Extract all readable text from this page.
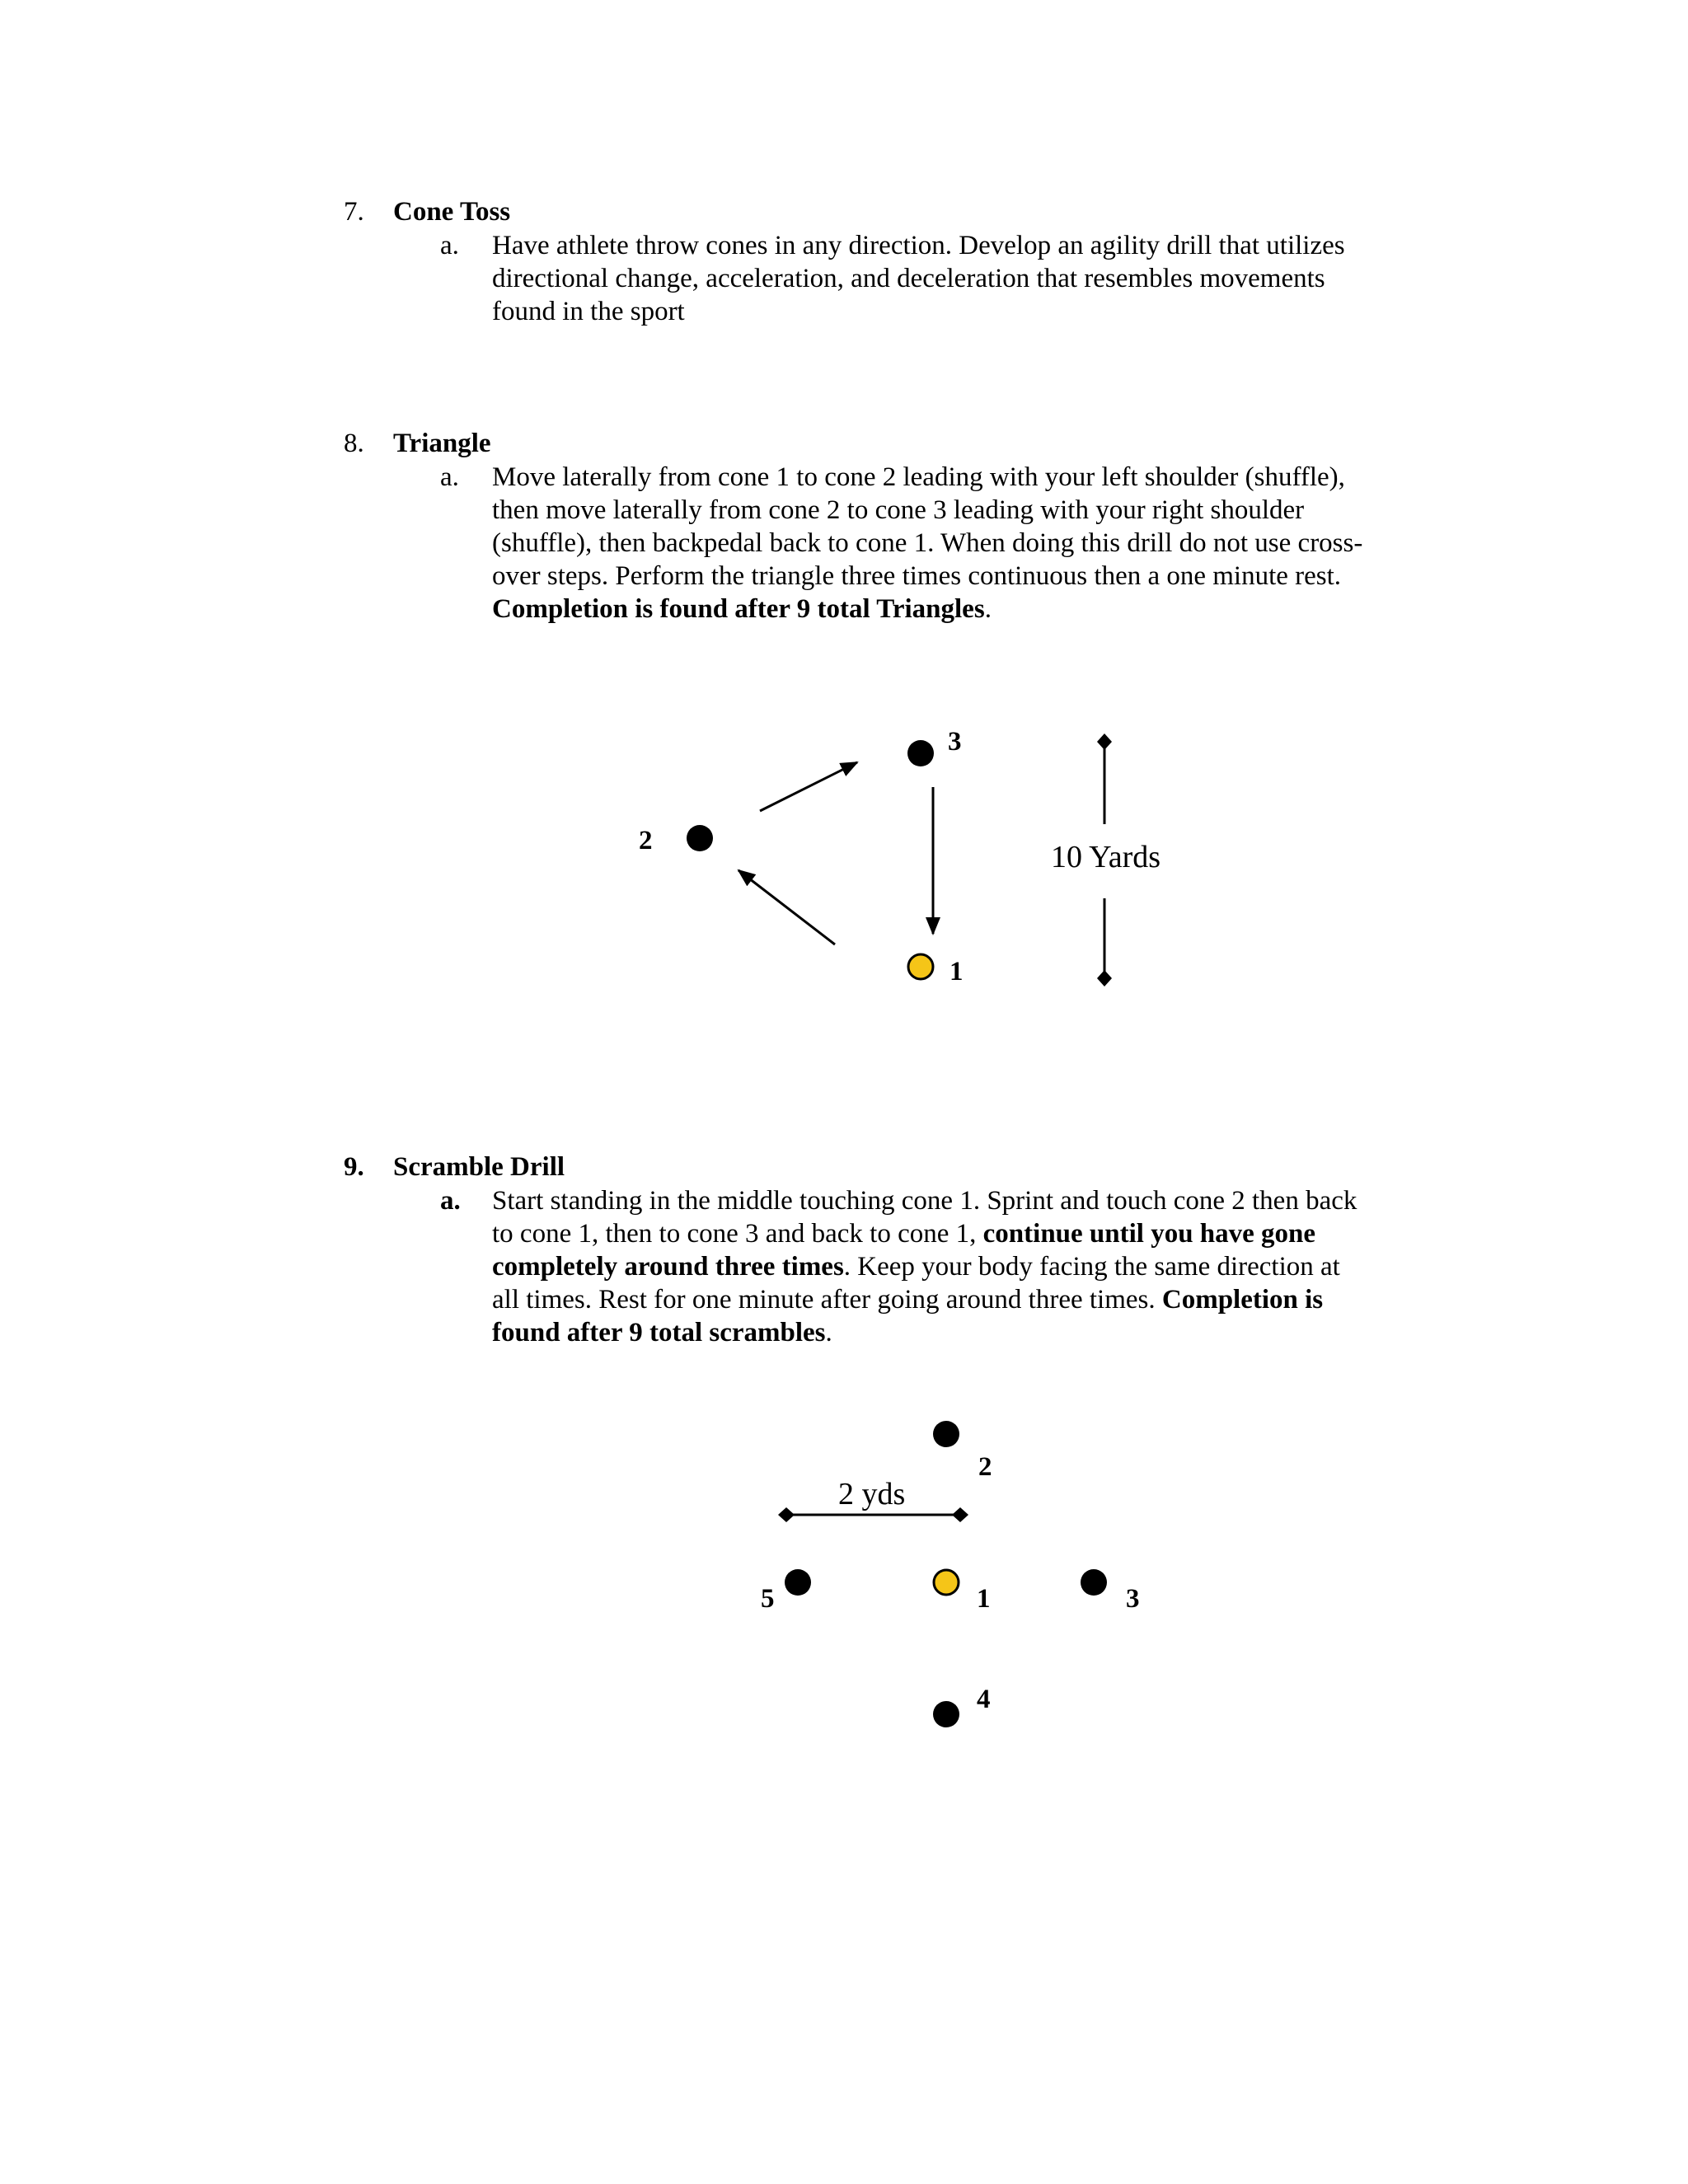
7. Cone Toss
a. Have athlete throw cones in any direction. Develop an agility drill that utilizes
directional change, acceleration, and deceleration that resembles movements
found in the sport
8. Triangle
a. Move laterally from cone 1 to cone 2 leading with your left shoulder (shuffle),
then move laterally from cone 2 to cone 3 leading with your right shoulder
(shuffle), then backpedal back to cone 1. When doing this drill do not use cross-
over steps. Perform the triangle three times continuous then a one minute rest.
Completion is found after 9 total Triangles.
2
3
1
10 Yards
9. Scramble Drill
a. Start standing in the middle touching cone 1. Sprint and touch cone 2 then back
to cone 1, then to cone 3 and back to cone 1, continue until you have gone
completely around three times. Keep your body facing the same direction at
all times. Rest for one minute after going around three times. Completion is
found after 9 total scrambles.
2
5	1	3
4
2 yds
